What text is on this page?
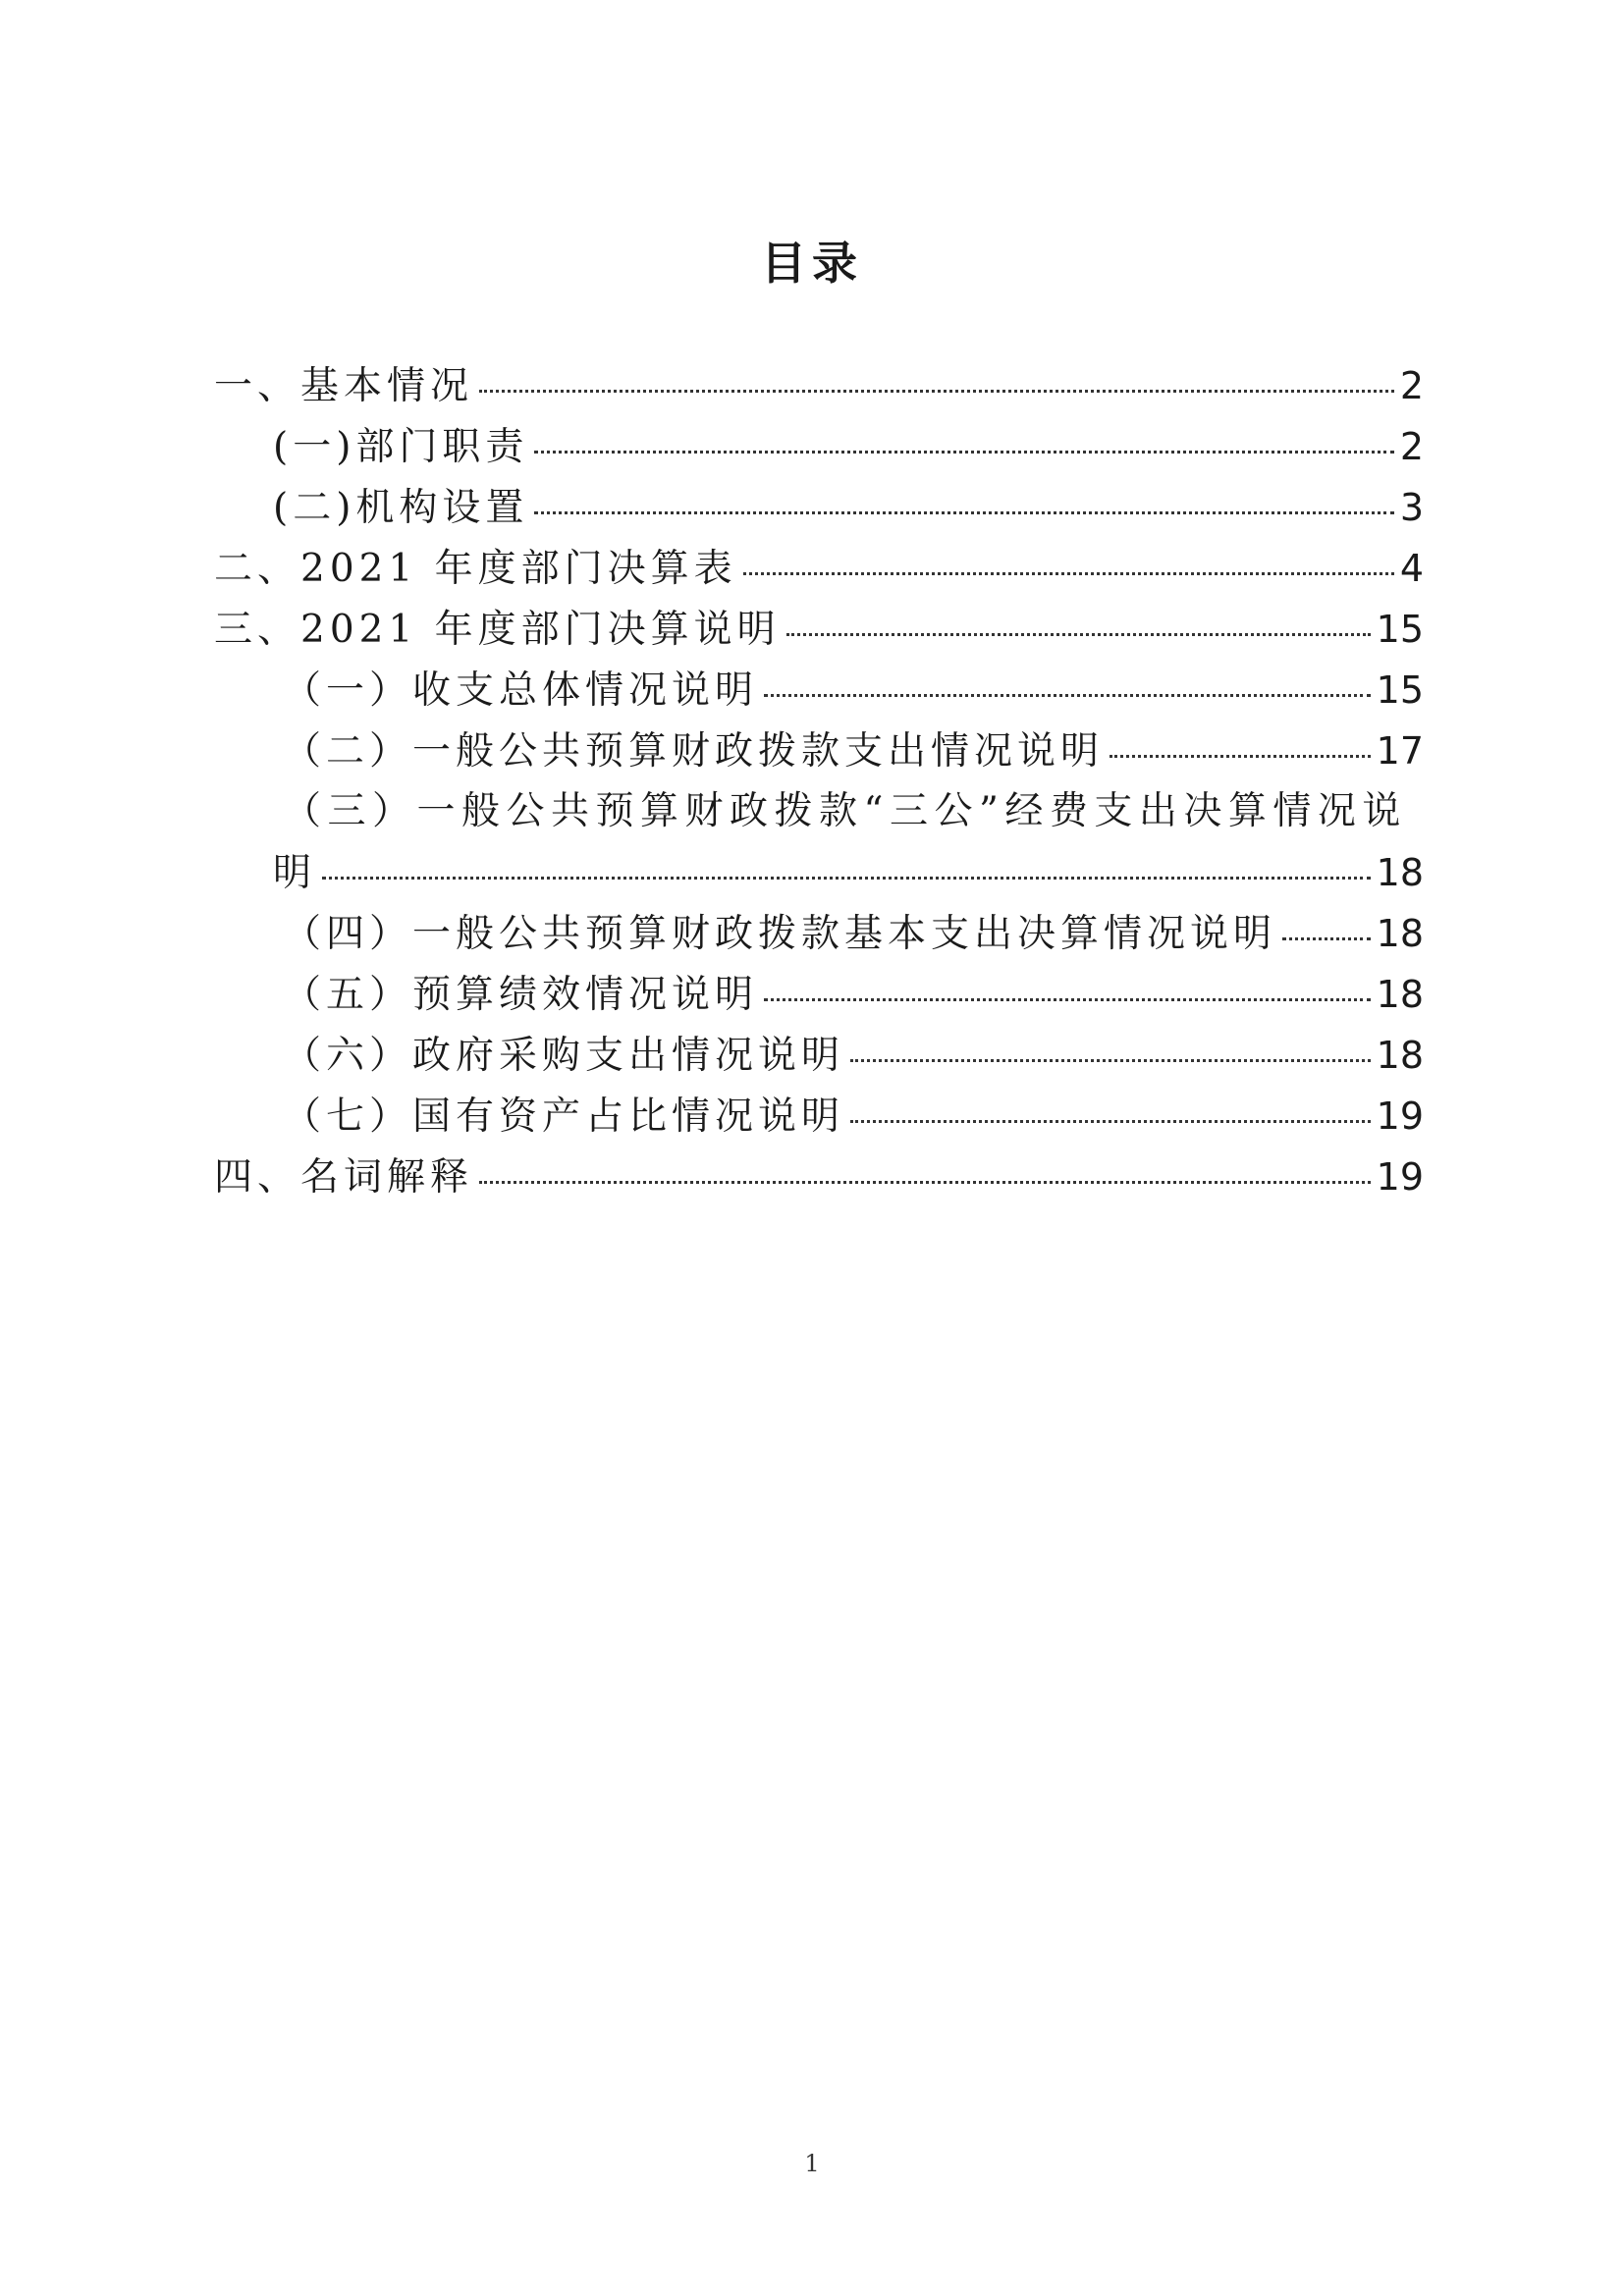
目录
一、基本情况	2
(一)部门职责	2
(二)机构设置	3
二、2021 年度部门决算表	4
三、2021 年度部门决算说明	15
（一）收支总体情况说明	15
（二）一般公共预算财政拨款支出情况说明	17
（三）一般公共预算财政拨款“三公”经费支出决算情况说
明	18
（四）一般公共预算财政拨款基本支出决算情况说明	18
（五）预算绩效情况说明	18
（六）政府采购支出情况说明	18
（七）国有资产占比情况说明	19
四、名词解释	19
1
